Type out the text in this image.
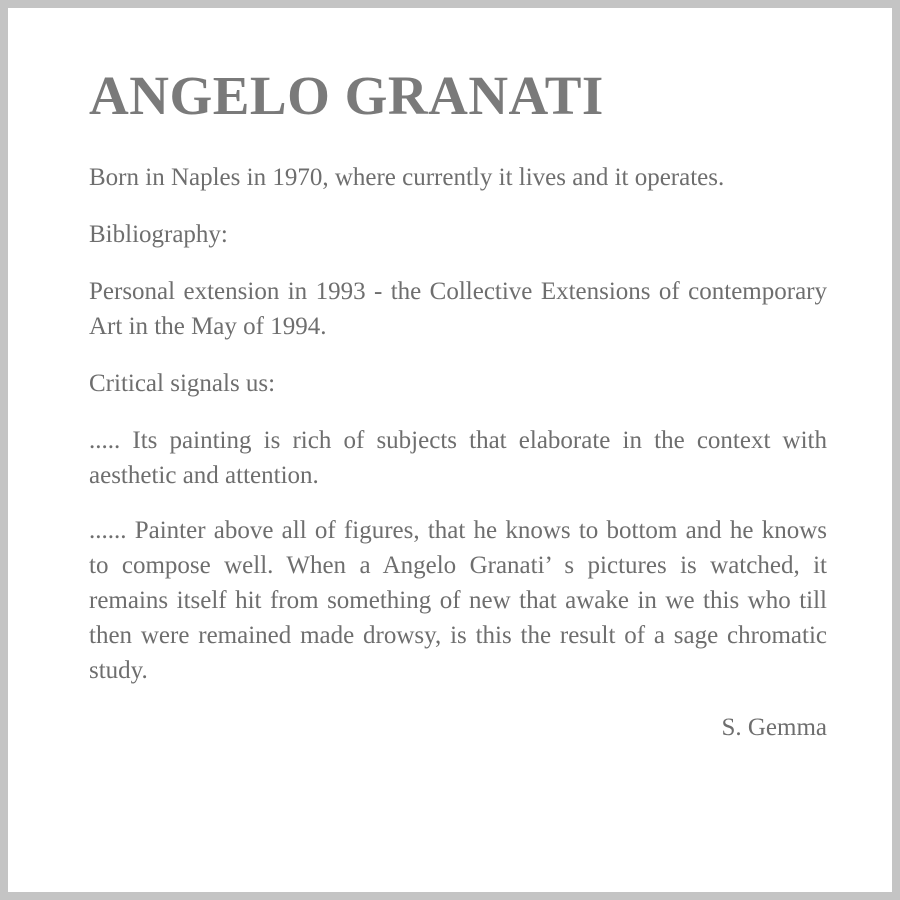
ANGELO GRANATI

Born in Naples in 1970, where currently it lives and it operates.

Bibliography:

Personal extension in 1993 - the Collective Extensions of contemporary Art in the May of 1994.

Critical signals us:

..... Its painting is rich of subjects that elaborate in the context with aesthetic and attention.

...... Painter above all of figures, that he knows to bottom and he knows to compose well. When a Angelo Granati’ s pictures is watched, it remains itself hit from something of new that awake in we this who till then were remained made drowsy, is this the result of a sage chromatic study.

S. Gemma
